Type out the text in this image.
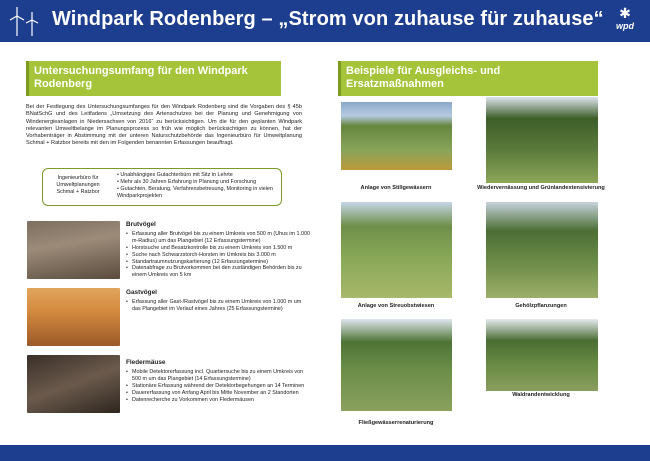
Windpark Rodenberg – „Strom von zuhause für zuhause“	✱
wpd
Untersuchungsumfang für den Windpark Rodenberg
Beispiele für Ausgleichs- und Ersatzmaßnahmen

Bei der Festlegung des Untersuchungsumfanges für den Windpark Rodenberg sind die Vorgaben des § 45b BNatSchG und des Leitfadens „Umsetzung des Artenschutzes bei der Planung und Genehmigung von Windenergieanlagen in Niedersachsen von 2016“ zu berücksichtigen. Um die für den geplanten Windpark relevanten Umweltbelange im Planungsprozess so früh wie möglich berücksichtigen zu können, hat der Vorhabenträger in Abstimmung mit der unteren Naturschutzbehörde das Ingenieurbüro für Umweltplanung Schmal + Ratzbor bereits mit den im Folgenden benannten Erfassungen beauftragt.

Ingenieurbüro für Umweltplanungen Schmal + Ratzbor
• Unabhängiges Gutachterbüro mit Sitz in Lehrte
• Mehr als 30 Jahren Erfahrung in Planung und Forschung
• Gutachten, Beratung, Verfahrensbetreuung, Monitoring in vielen Windparkprojekten
Brutvögel
• Erfassung aller Brutvögel bis zu einem Umkreis von 500 m (Uhus im 1.000 m-Radius) um das Plangebiet (12 Erfassungstermine)
• Horstsuche und Besatzkontrolle bis zu einem Umkreis von 1.500 m
• Suche nach Schwarzstorch-Horsten im Umkreis bis 3.000 m
• Standartraumnutzungskartierung (12 Erfassungstermine)
• Datenabfrage zu Brutvorkommen bei den zuständigen Behörden bis zu einem Umkreis von 5 km
Gastvögel
• Erfassung aller Gast-/Rastvögel bis zu einem Umkreis von 1.000 m um das Plangebiet im Verlauf eines Jahres (25 Erfassungstermine)
Fledermäuse
• Mobile Detektorerfassung incl. Quartiersuche bis zu einem Umkreis von 500 m um das Plangebiet (14 Erfassungstermine)
• Stationäre Erfassung während der Detektorbegehungen an 14 Terminen
• Dauererfassung von Anfang April bis Mitte November an 2 Standorten
• Datenrecherche zu Vorkommen von Fledermäusen
Anlage von Stillgewässern	Wiedervernässung und Grünlandextensivierung
Anlage von Streuobstwiesen	Gehölzpflanzungen
Fließgewässerrenaturierung
Waldrandentwicklung
